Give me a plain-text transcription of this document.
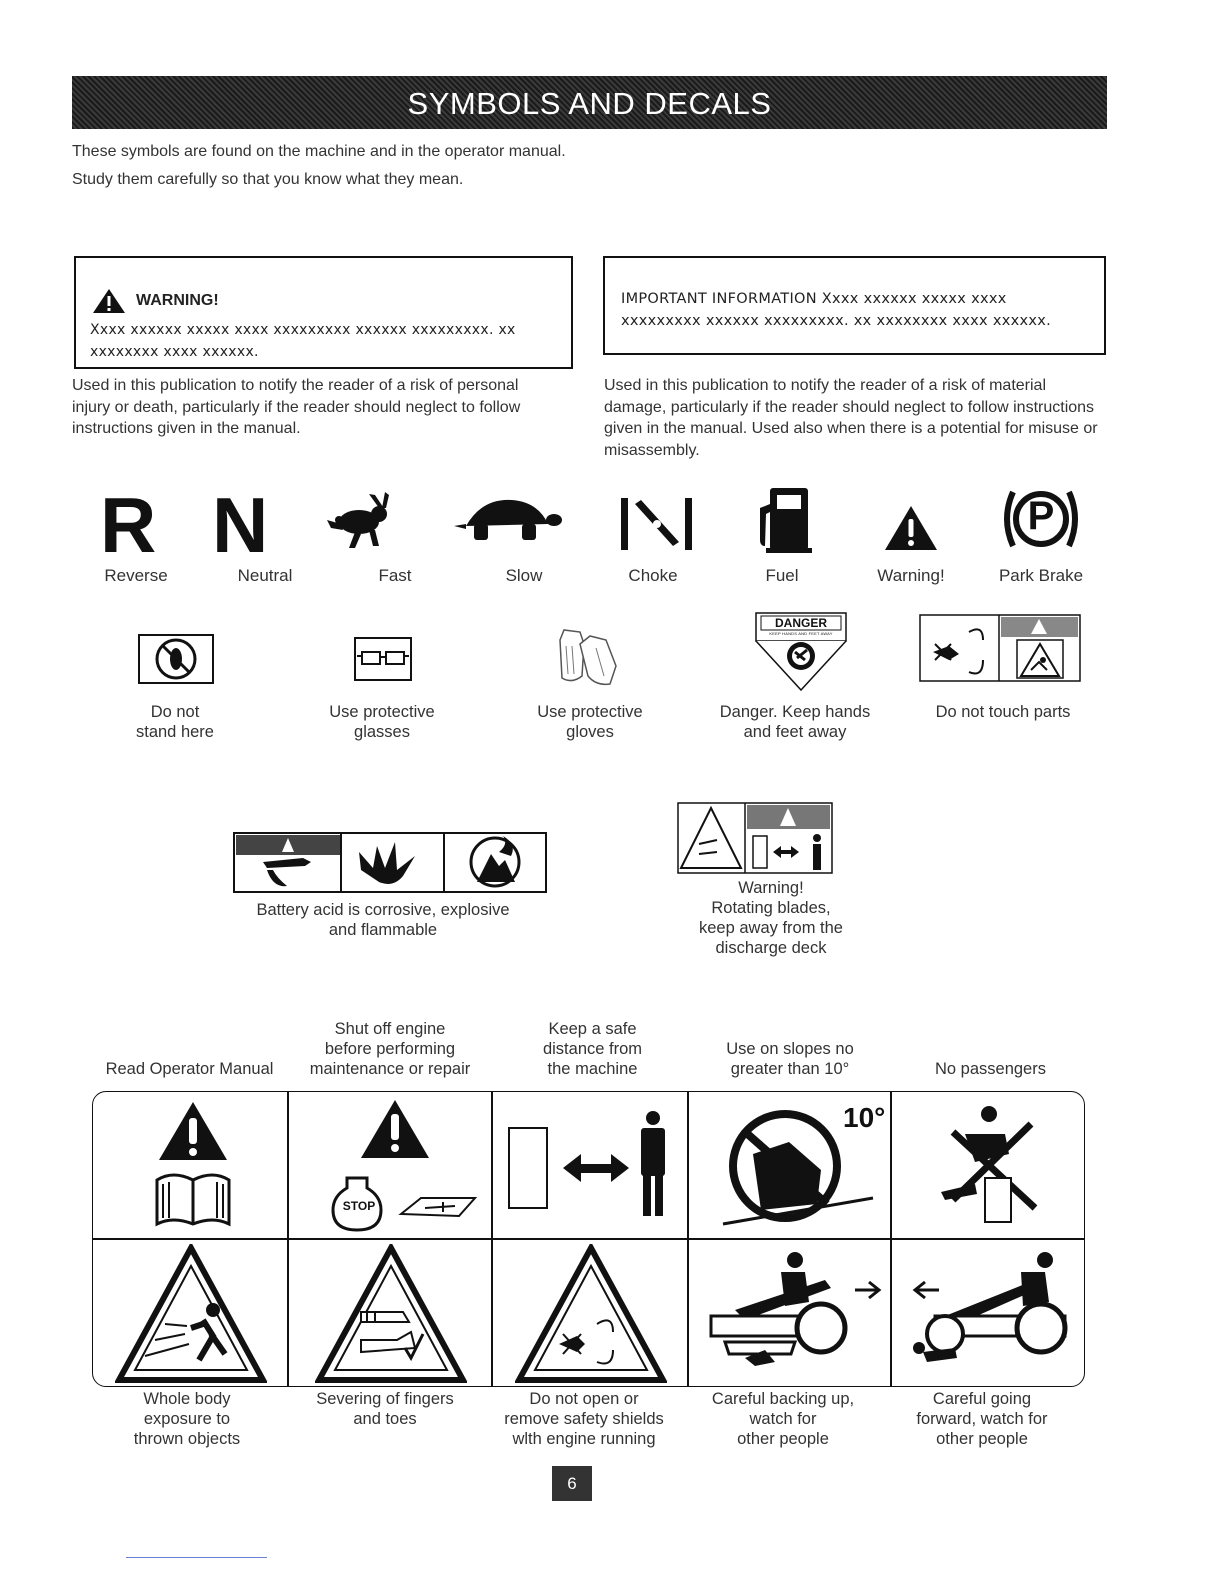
SYMBOLS AND DECALS

These symbols are found on the machine and in the operator manual.

Study them carefully so that you know what they mean.

WARNING!
Xxxx xxxxxx xxxxx xxxx xxxxxxxxx xxxxxx xxxxxxxxx. xx xxxxxxxx xxxx xxxxxx.
Used in this publication to notify the reader of a risk of personal injury or death, particularly if the reader should neglect to follow instructions given in the manual.
IMPORTANT INFORMATION Xxxx xxxxxx xxxxx xxxx xxxxxxxxx xxxxxx xxxxxxxxx. xx xxxxxxxx xxxx xxxxxx.
Used in this publication to notify the reader of a risk of material damage, particularly if the reader should neglect to follow instructions given in the manual. Used also when there is a potential for misuse or misassembly.
R
Reverse
N
Neutral	Fast	Slow	Choke	Fuel	Warning!
P
Park Brake
Do not
stand here
Use protective
glasses
Use protective
gloves
DANGER
KEEP HANDS AND FEET AWAY
Danger. Keep hands
and feet away
Do not touch parts
Battery acid is corrosive, explosive
and flammable
Warning!
Rotating blades,
keep away from the
discharge deck
Read Operator Manual
Shut off engine
before performing
maintenance or repair
Keep a safe
distance from
the machine
Use on slopes no
greater than 10°	No passengers
STOP
10°
Whole body
exposure to
thrown objects
Severing of fingers
and toes
Do not open or
remove safety shields
wlth engine running
Careful backing up,
watch for
other people
Careful going
forward, watch for
other people
6
